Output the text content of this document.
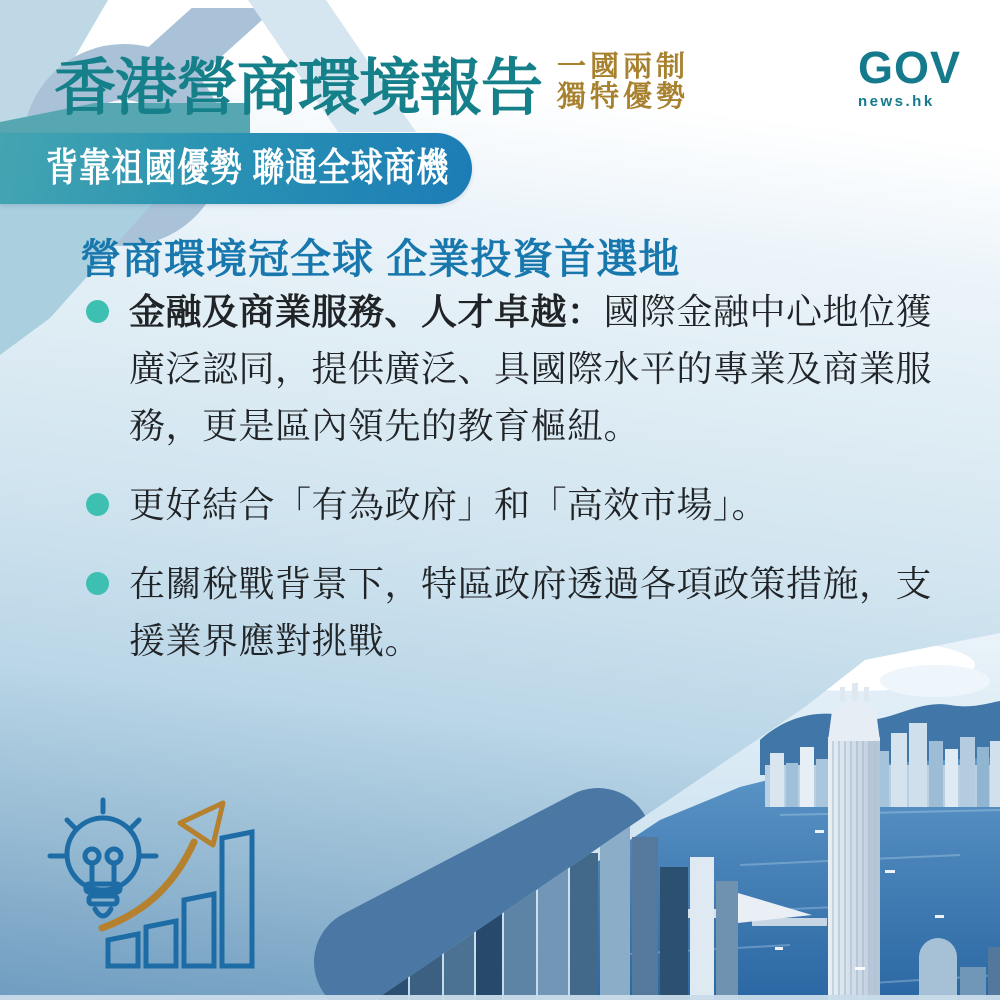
香港營商環境報告 一國兩制
獨特優勢
GOV
news.hk
背靠祖國優勢 聯通全球商機
營商環境冠全球 企業投資首選地

金融及商業服務、人才卓越：國際金融中心地位獲廣泛認同，提供廣泛、具國際水平的專業及商業服務，更是區內領先的教育樞紐。

更好結合「有為政府」和「高效市場」。

在關稅戰背景下，特區政府透過各項政策措施，支援業界應對挑戰。
